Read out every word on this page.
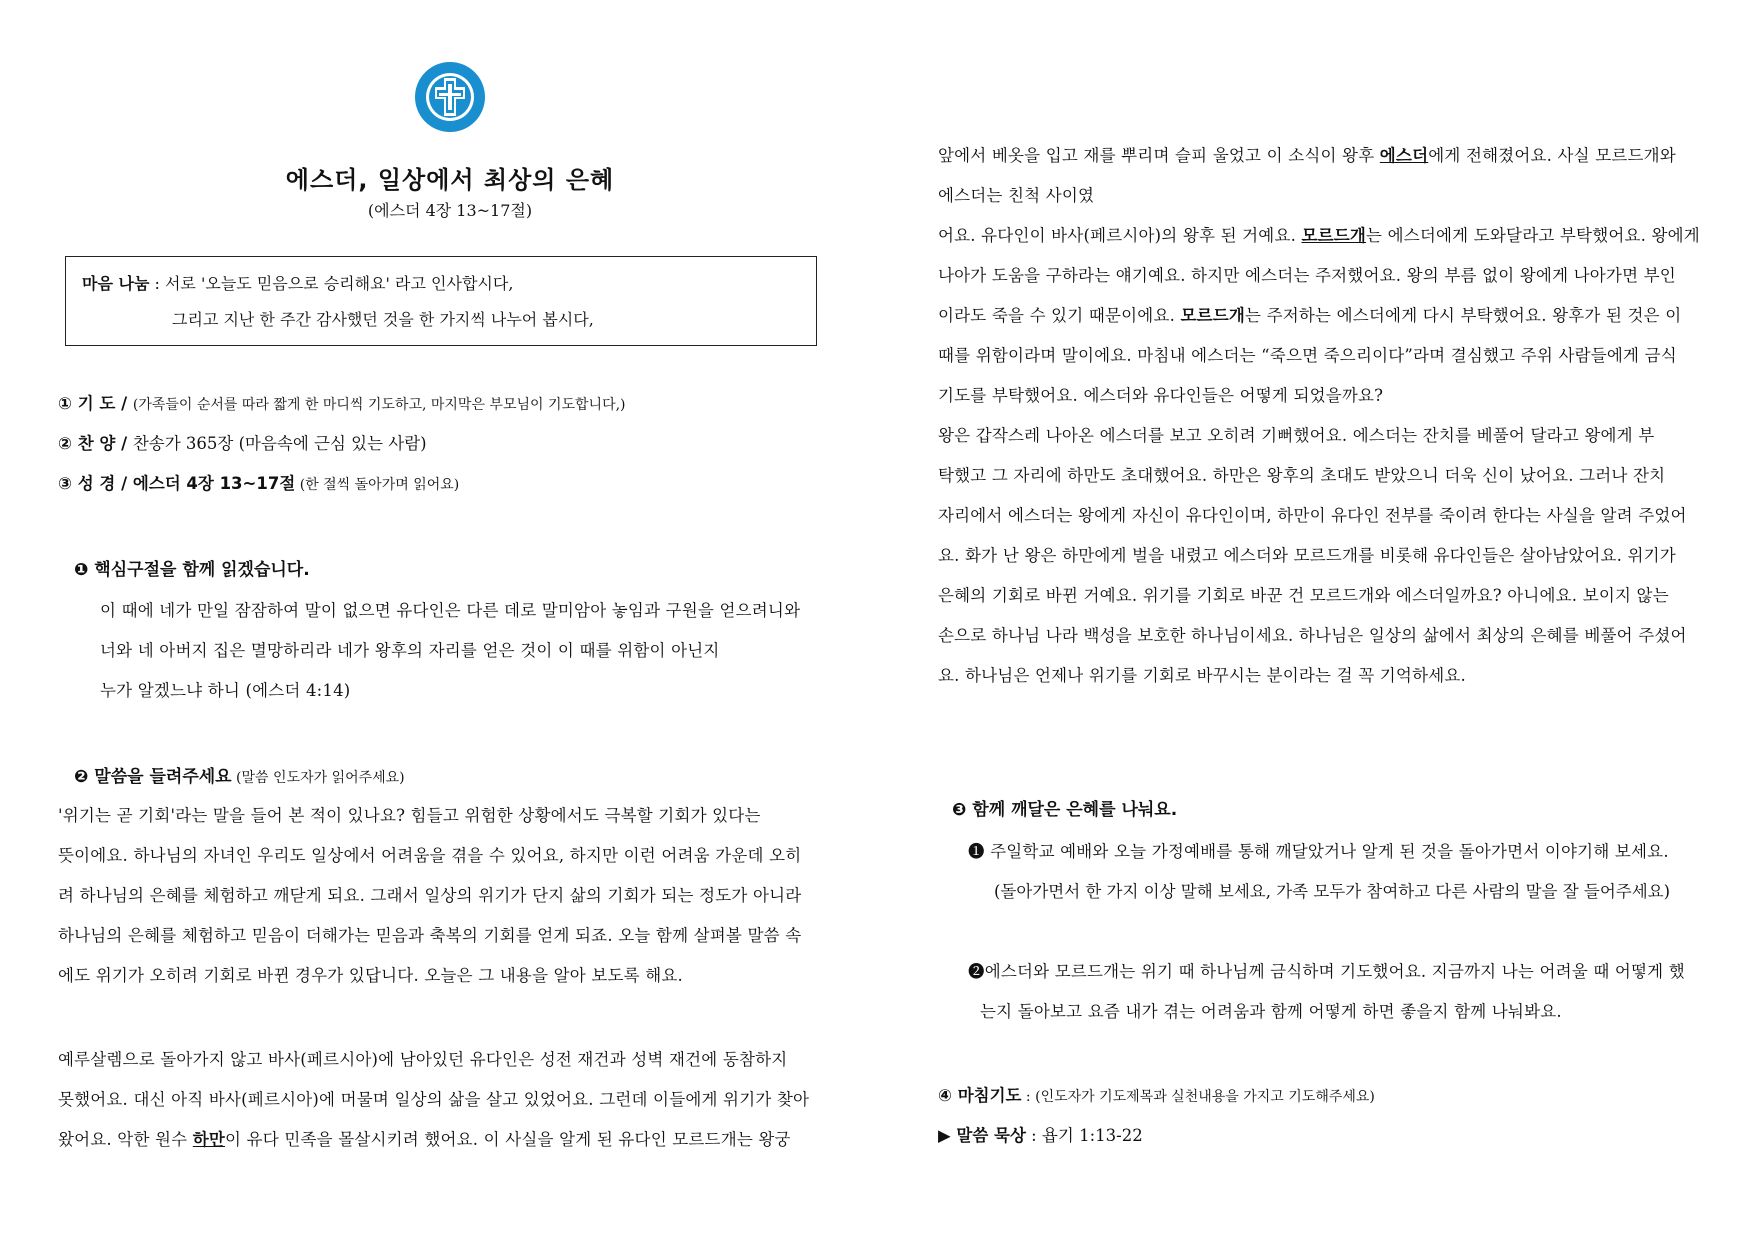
에스더, 일상에서 최상의 은혜
(에스더 4장 13~17절)
마음 나눔 : 서로 '오늘도 믿음으로 승리해요' 라고 인사합시다,
그리고 지난 한 주간 감사했던 것을 한 가지씩 나누어 봅시다,
① 기 도 / (가족들이 순서를 따라 짧게 한 마디씩 기도하고, 마지막은 부모님이 기도합니다,)
② 찬 양 / 찬송가 365장 (마음속에 근심 있는 사람)
③ 성 경 / 에스더 4장 13~17절 (한 절씩 돌아가며 읽어요)
❶ 핵심구절을 함께 읽겠습니다.
이 때에 네가 만일 잠잠하여 말이 없으면 유다인은 다른 데로 말미암아 놓임과 구원을 얻으려니와
너와 네 아버지 집은 멸망하리라 네가 왕후의 자리를 얻은 것이 이 때를 위함이 아닌지
누가 알겠느냐 하니 (에스더 4:14)
❷ 말씀을 들려주세요 (말씀 인도자가 읽어주세요)
'위기는 곧 기회'라는 말을 들어 본 적이 있나요? 힘들고 위험한 상황에서도 극복할 기회가 있다는
뜻이에요. 하나님의 자녀인 우리도 일상에서 어려움을 겪을 수 있어요, 하지만 이런 어려움 가운데 오히
려 하나님의 은혜를 체험하고 깨닫게 되요. 그래서 일상의 위기가 단지 삶의 기회가 되는 정도가 아니라
하나님의 은혜를 체험하고 믿음이 더해가는 믿음과 축복의 기회를 얻게 되죠. 오늘 함께 살펴볼 말씀 속
에도 위기가 오히려 기회로 바뀐 경우가 있답니다. 오늘은 그 내용을 알아 보도록 해요.
예루살렘으로 돌아가지 않고 바사(페르시아)에 남아있던 유다인은 성전 재건과 성벽 재건에 동참하지
못했어요. 대신 아직 바사(페르시아)에 머물며 일상의 삶을 살고 있었어요. 그런데 이들에게 위기가 찾아
왔어요. 악한 원수 하만이 유다 민족을 몰살시키려 했어요. 이 사실을 알게 된 유다인 모르드개는 왕궁
앞에서 베옷을 입고 재를 뿌리며 슬피 울었고 이 소식이 왕후 에스더에게 전해졌어요. 사실 모르드개와
에스더는 친척 사이였
어요. 유다인이 바사(페르시아)의 왕후 된 거예요. 모르드개는 에스더에게 도와달라고 부탁했어요. 왕에게
나아가 도움을 구하라는 얘기예요. 하지만 에스더는 주저했어요. 왕의 부름 없이 왕에게 나아가면 부인
이라도 죽을 수 있기 때문이에요. 모르드개는 주저하는 에스더에게 다시 부탁했어요. 왕후가 된 것은 이
때를 위함이라며 말이에요. 마침내 에스더는 “죽으면 죽으리이다”라며 결심했고 주위 사람들에게 금식
기도를 부탁했어요. 에스더와 유다인들은 어떻게 되었을까요?
왕은 갑작스레 나아온 에스더를 보고 오히려 기뻐했어요. 에스더는 잔치를 베풀어 달라고 왕에게 부
탁했고 그 자리에 하만도 초대했어요. 하만은 왕후의 초대도 받았으니 더욱 신이 났어요. 그러나 잔치
자리에서 에스더는 왕에게 자신이 유다인이며, 하만이 유다인 전부를 죽이려 한다는 사실을 알려 주었어
요. 화가 난 왕은 하만에게 벌을 내렸고 에스더와 모르드개를 비롯해 유다인들은 살아남았어요. 위기가
은혜의 기회로 바뀐 거예요. 위기를 기회로 바꾼 건 모르드개와 에스더일까요? 아니에요. 보이지 않는
손으로 하나님 나라 백성을 보호한 하나님이세요. 하나님은 일상의 삶에서 최상의 은혜를 베풀어 주셨어
요. 하나님은 언제나 위기를 기회로 바꾸시는 분이라는 걸 꼭 기억하세요.
❸ 함께 깨달은 은혜를 나눠요.
❶ 주일학교 예배와 오늘 가정예배를 통해 깨달았거나 알게 된 것을 돌아가면서 이야기해 보세요.
(돌아가면서 한 가지 이상 말해 보세요, 가족 모두가 참여하고 다른 사람의 말을 잘 들어주세요)
❷에스더와 모르드개는 위기 때 하나님께 금식하며 기도했어요. 지금까지 나는 어려울 때 어떻게 했
는지 돌아보고 요즘 내가 겪는 어려움과 함께 어떻게 하면 좋을지 함께 나눠봐요.
④ 마침기도 : (인도자가 기도제목과 실천내용을 가지고 기도해주세요)
▶ 말씀 묵상 : 욥기 1:13-22
